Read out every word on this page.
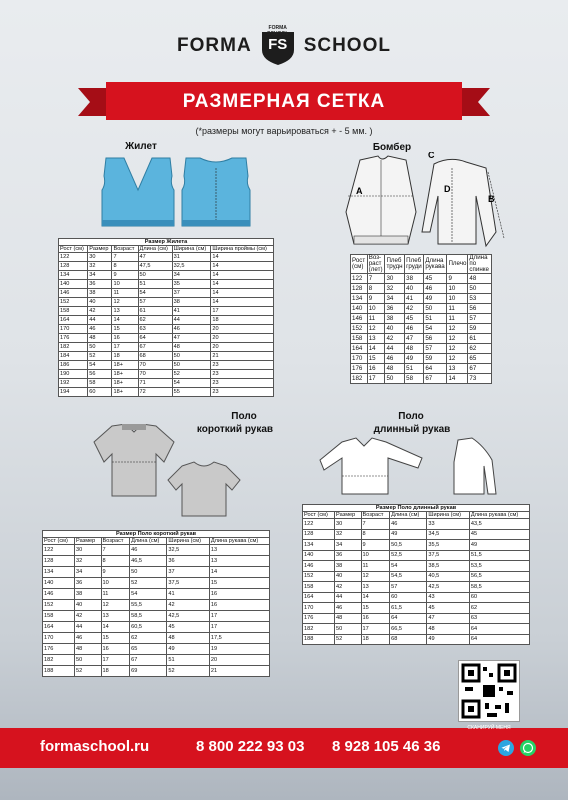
FORMA
FORMA SCHOOL
FS SCHOOL
РАЗМЕРНАЯ СЕТКА
(*размеры могут варьироваться + - 5 мм. )
Жилет
Размер Жилета					
Рост (см)	Размер	Возраст	Длина (см)	Ширина (см)	Ширина проймы (см)
122	30	7	47	31	14
128	32	8	47,5	32,5	14
134	34	9	50	34	14
140	36	10	51	35	14
146	38	11	54	37	14
152	40	12	57	38	14
158	42	13	61	41	17
164	44	14	62	44	18
170	46	15	63	46	20
176	48	16	64	47	20
182	50	17	67	48	20
184	52	18	68	50	21
186	54	18+	70	50	23
190	56	18+	70	52	23
192	58	18+	71	54	23
194	60	18+	72	55	23
Бомбер
A
B
C
D
Рост (см)	Воз-раст (лет)	Плеб трудн	Плеб груди	Длина рукава	Плечо	Длина по спинке
122	7	30	38	45	9	48
128	8	32	40	46	10	50
134	9	34	41	49	10	53
140	10	36	42	50	11	56
146	11	38	45	51	11	57
152	12	40	46	54	12	59
158	13	42	47	56	12	61
164	14	44	48	57	12	62
170	15	46	49	59	12	65
176	16	48	51	64	13	67
182	17	50	58	67	14	73
Поло
короткий рукав
Размер Поло короткий рукав					
Рост (см)	Размер	Возраст	Длина (см)	Ширина (см)	Длина рукава (см)
122	30	7	46	32,5	13
128	32	8	46,5	36	13
134	34	9	50	37	14
140	36	10	52	37,5	15
146	38	11	54	41	16
152	40	12	55,5	42	16
158	42	13	58,5	42,5	17
164	44	14	60,5	45	17
170	46	15	62	48	17,5
176	48	16	65	49	19
182	50	17	67	51	20
188	52	18	69	52	21
Поло
длинный рукав
Размер Поло длинный рукав					
Рост (см)	Размер	Возраст	Длина (см)	Ширина (см)	Длина рукава (см)
122	30	7	46	33	43,5
128	32	8	49	34,5	45
134	34	9	50,5	35,5	49
140	36	10	52,5	37,5	51,5
146	38	11	54	38,5	53,5
152	40	12	54,5	40,5	56,5
158	42	13	57	42,5	58,5
164	44	14	60	43	60
170	46	15	61,5	45	62
176	48	16	64	47	63
182	50	17	66,5	48	64
188	52	18	68	49	64
formaschool.ru	8 800 222 93 03 8 928 105 46 36
СКАНИРУЙ МЕНЯ
